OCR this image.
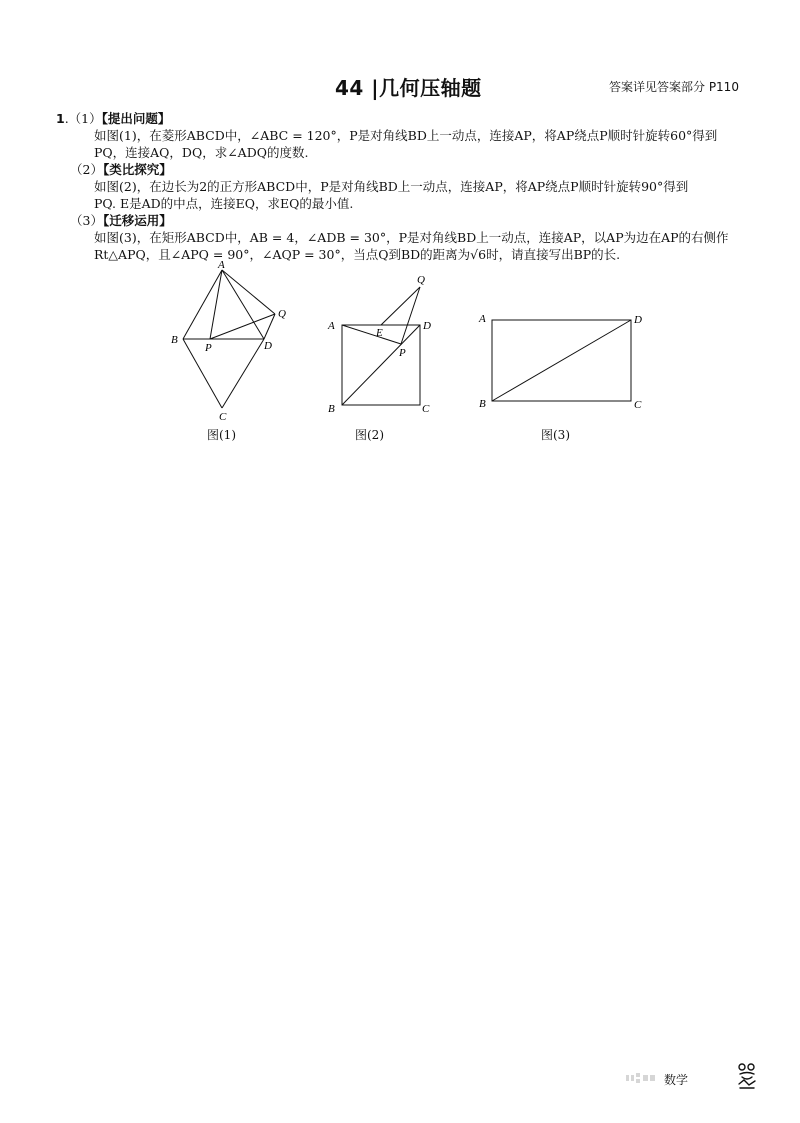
44 |几何压轴题	答案详见答案部分 P110
1.（1）【提出问题】
如图(1)，在菱形ABCD中，∠ABC = 120°，P是对角线BD上一动点，连接AP，将AP绕点P顺时针旋转60°得到
PQ，连接AQ，DQ，求∠ADQ的度数.
（2）【类比探究】
如图(2)，在边长为2的正方形ABCD中，P是对角线BD上一动点，连接AP，将AP绕点P顺时针旋转90°得到
PQ. E是AD的中点，连接EQ，求EQ的最小值.
（3）【迁移运用】
如图(3)，在矩形ABCD中，AB = 4，∠ADB = 30°，P是对角线BD上一动点，连接AP，以AP为边在AP的右侧作
Rt△APQ，且∠APQ = 90°，∠AQP = 30°，当点Q到BD的距离为√6时，请直接写出BP的长.
A
B
C
D
P
Q
图(1)
A
B	C
D
E
P
Q
图(2)
A
B	C
D
图(3)
数学
